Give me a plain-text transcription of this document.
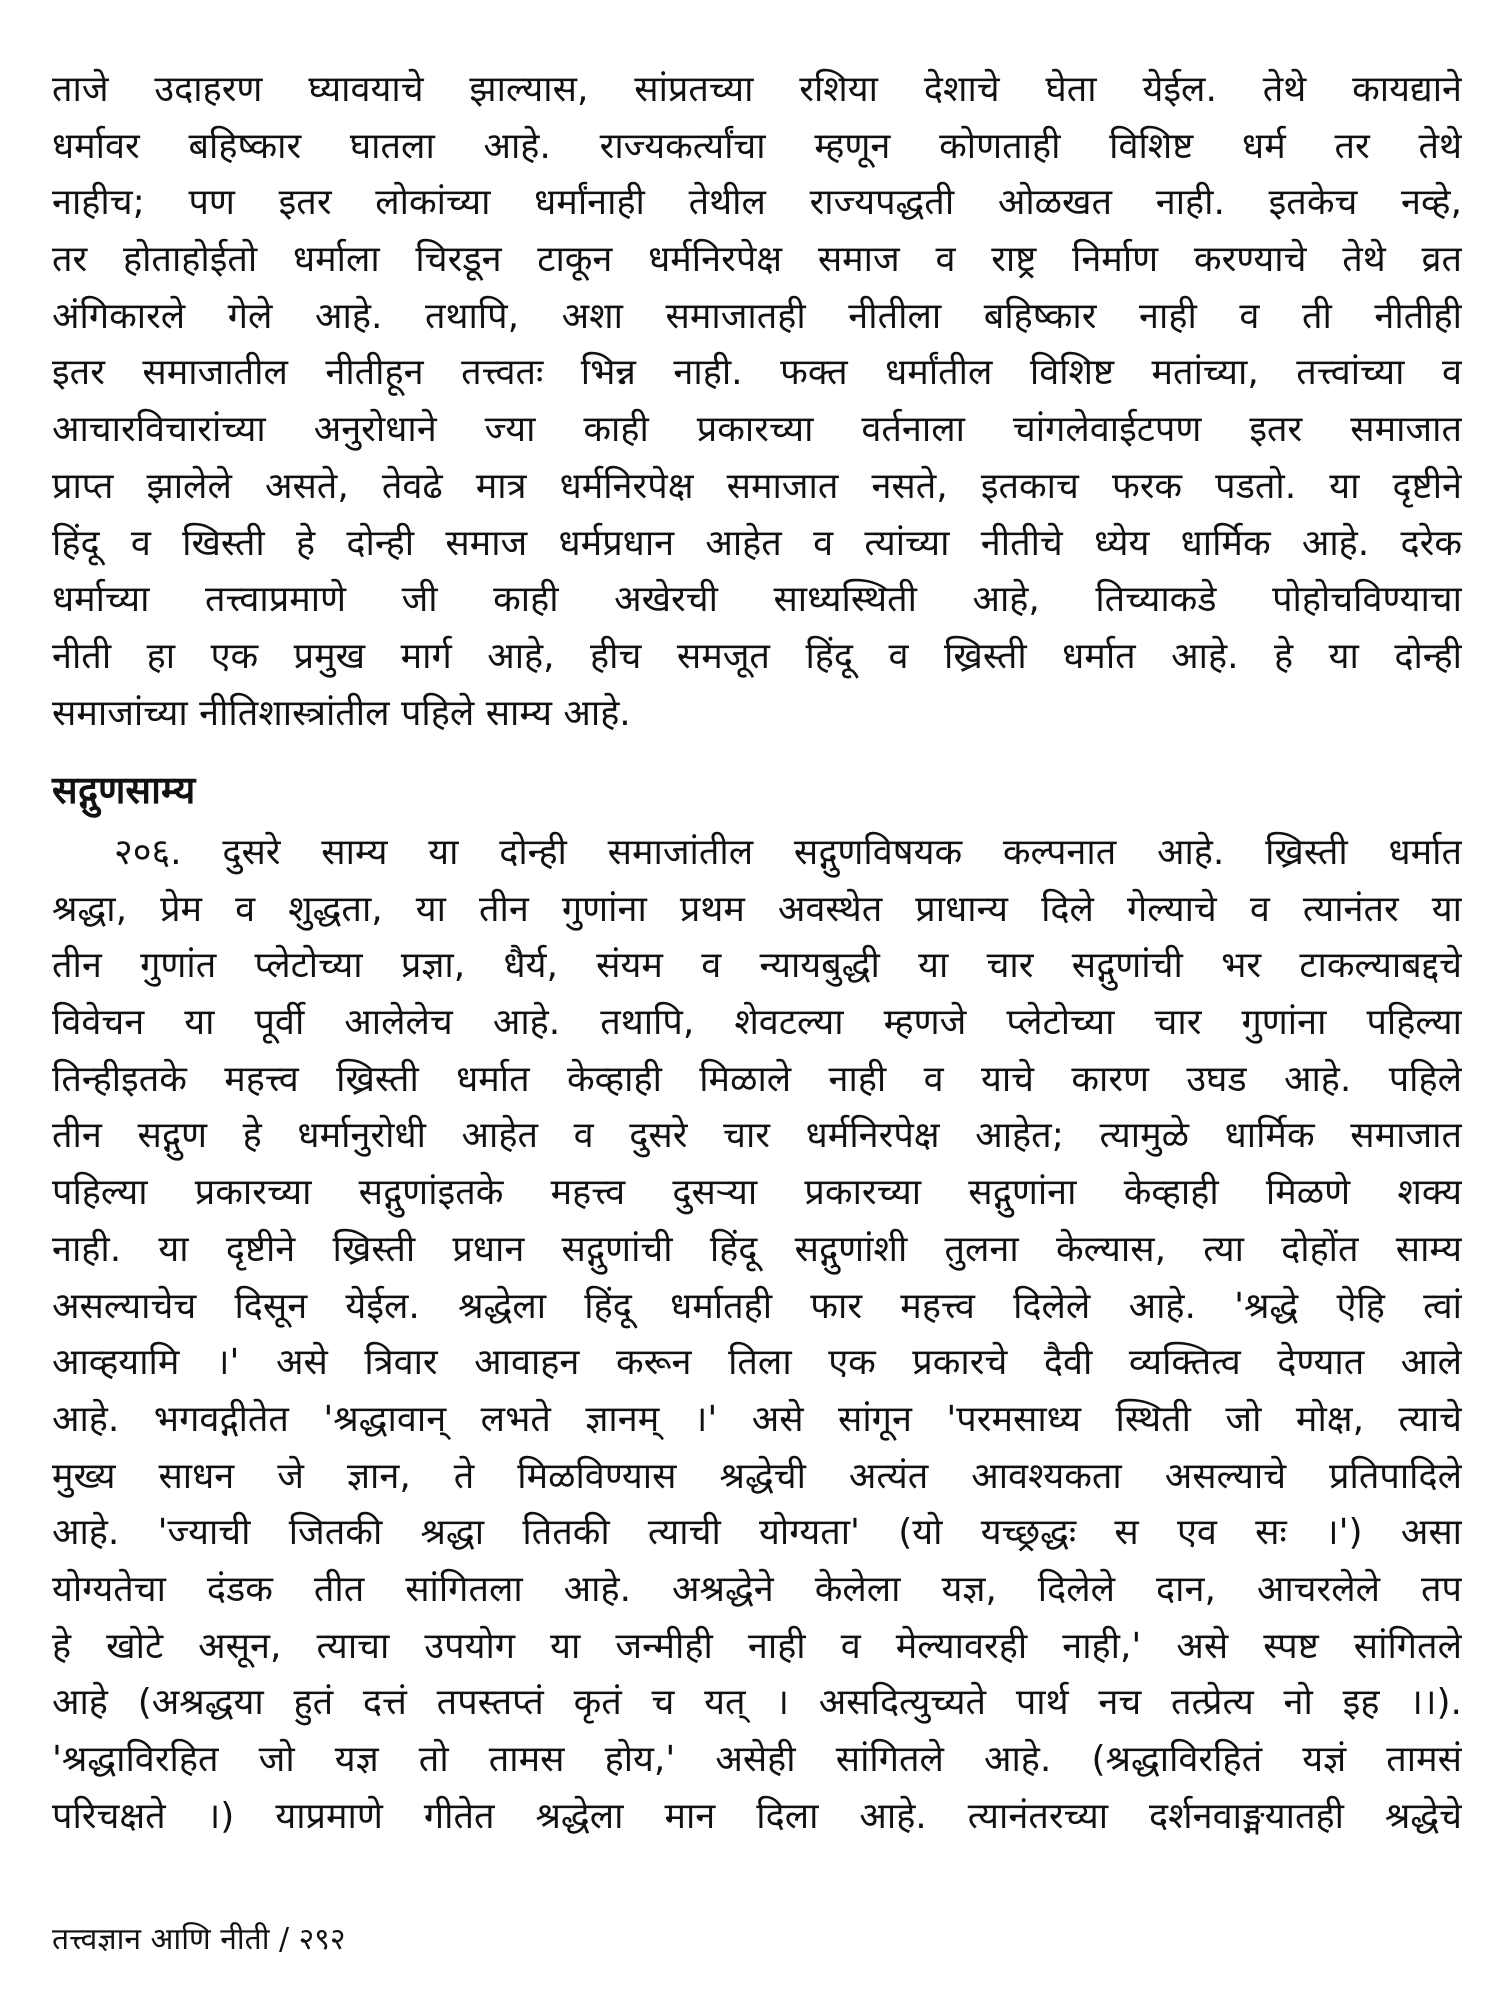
ताजे उदाहरण घ्यावयाचे झाल्यास, सांप्रतच्या रशिया देशाचे घेता येईल. तेथे कायद्याने
धर्मावर बहिष्कार घातला आहे. राज्यकर्त्यांचा म्हणून कोणताही विशिष्ट धर्म तर तेथे
नाहीच; पण इतर लोकांच्या धर्मांनाही तेथील राज्यपद्धती ओळखत नाही. इतकेच नव्हे,
तर होताहोईतो धर्माला चिरडून टाकून धर्मनिरपेक्ष समाज व राष्ट्र निर्माण करण्याचे तेथे व्रत
अंगिकारले गेले आहे. तथापि, अशा समाजातही नीतीला बहिष्कार नाही व ती नीतीही
इतर समाजातील नीतीहून तत्त्वतः भिन्न नाही. फक्त धर्मांतील विशिष्ट मतांच्या, तत्त्वांच्या व
आचारविचारांच्या अनुरोधाने ज्या काही प्रकारच्या वर्तनाला चांगलेवाईटपण इतर समाजात
प्राप्त झालेले असते, तेवढे मात्र धर्मनिरपेक्ष समाजात नसते, इतकाच फरक पडतो. या दृष्टीने
हिंदू व खिस्ती हे दोन्ही समाज धर्मप्रधान आहेत व त्यांच्या नीतीचे ध्येय धार्मिक आहे. दरेक
धर्माच्या तत्त्वाप्रमाणे जी काही अखेरची साध्यस्थिती आहे, तिच्याकडे पोहोचविण्याचा
नीती हा एक प्रमुख मार्ग आहे, हीच समजूत हिंदू व ख्रिस्ती धर्मात आहे. हे या दोन्ही
समाजांच्या नीतिशास्त्रांतील पहिले साम्य आहे.
सद्गुणसाम्य
२०६. दुसरे साम्य या दोन्ही समाजांतील सद्गुणविषयक कल्पनात आहे. ख्रिस्ती धर्मात
श्रद्धा, प्रेम व शुद्धता, या तीन गुणांना प्रथम अवस्थेत प्राधान्य दिले गेल्याचे व त्यानंतर या
तीन गुणांत प्लेटोच्या प्रज्ञा, धैर्य, संयम व न्यायबुद्धी या चार सद्गुणांची भर टाकल्याबद्दचे
विवेचन या पूर्वी आलेलेच आहे. तथापि, शेवटल्या म्हणजे प्लेटोच्या चार गुणांना पहिल्या
तिन्हीइतके महत्त्व ख्रिस्ती धर्मात केव्हाही मिळाले नाही व याचे कारण उघड आहे. पहिले
तीन सद्गुण हे धर्मानुरोधी आहेत व दुसरे चार धर्मनिरपेक्ष आहेत; त्यामुळे धार्मिक समाजात
पहिल्या प्रकारच्या सद्गुणांइतके महत्त्व दुसऱ्या प्रकारच्या सद्गुणांना केव्हाही मिळणे शक्य
नाही. या दृष्टीने ख्रिस्ती प्रधान सद्गुणांची हिंदू सद्गुणांशी तुलना केल्यास, त्या दोहोंत साम्य
असल्याचेच दिसून येईल. श्रद्धेला हिंदू धर्मातही फार महत्त्व दिलेले आहे. 'श्रद्धे ऐहि त्वां
आव्हयामि ।' असे त्रिवार आवाहन करून तिला एक प्रकारचे दैवी व्यक्तित्व देण्यात आले
आहे. भगवद्गीतेत 'श्रद्धावान् लभते ज्ञानम् ।' असे सांगून 'परमसाध्य स्थिती जो मोक्ष, त्याचे
मुख्य साधन जे ज्ञान, ते मिळविण्यास श्रद्धेची अत्यंत आवश्यकता असल्याचे प्रतिपादिले
आहे. 'ज्याची जितकी श्रद्धा तितकी त्याची योग्यता' (यो यच्छ्रद्धः स एव सः ।') असा
योग्यतेचा दंडक तीत सांगितला आहे. अश्रद्धेने केलेला यज्ञ, दिलेले दान, आचरलेले तप
हे खोटे असून, त्याचा उपयोग या जन्मीही नाही व मेल्यावरही नाही,' असे स्पष्ट सांगितले
आहे (अश्रद्धया हुतं दत्तं तपस्तप्तं कृतं च यत् । असदित्युच्यते पार्थ नच तत्प्रेत्य नो इह ।।).
'श्रद्धाविरहित जो यज्ञ तो तामस होय,' असेही सांगितले आहे. (श्रद्धाविरहितं यज्ञं तामसं
परिचक्षते ।) याप्रमाणे गीतेत श्रद्धेला मान दिला आहे. त्यानंतरच्या दर्शनवाङ्मयातही श्रद्धेचे
तत्त्वज्ञान आणि नीती / २९२
